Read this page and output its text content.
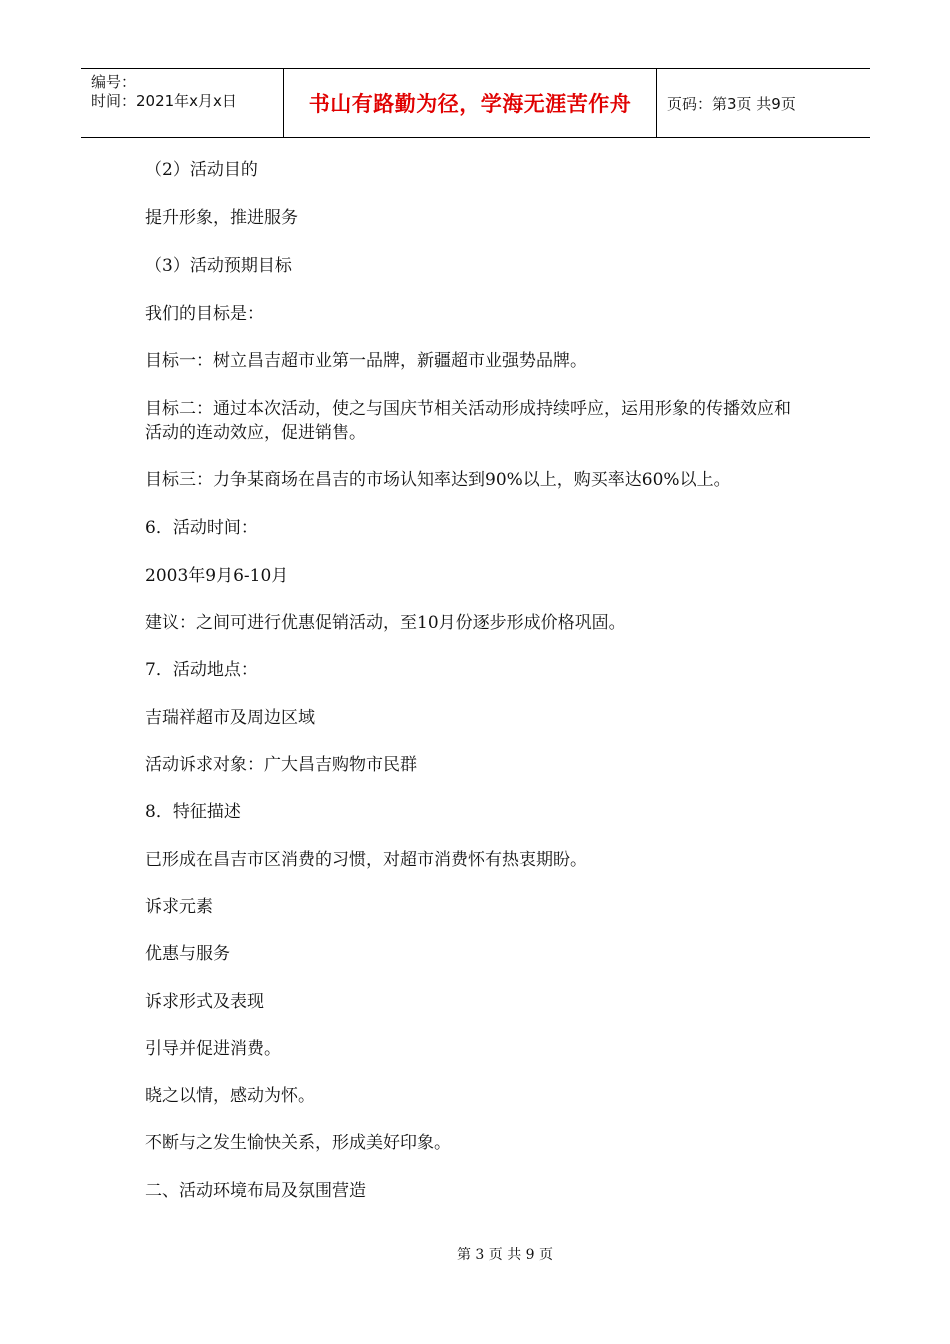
编号：
时间：2021年x月x日	书山有路勤为径，学海无涯苦作舟 页码：第3页 共9页
（2）活动目的
提升形象，推进服务
（3）活动预期目标
我们的目标是：
目标一：树立昌吉超市业第一品牌，新疆超市业强势品牌。
目标二：通过本次活动，使之与国庆节相关活动形成持续呼应，运用形象的传播效应和活动的连动效应，促进销售。
目标三：力争某商场在昌吉的市场认知率达到90%以上，购买率达60%以上。
6．活动时间：
2003年9月6-10月
建议：之间可进行优惠促销活动，至10月份逐步形成价格巩固。
7．活动地点：
吉瑞祥超市及周边区域
活动诉求对象：广大昌吉购物市民群
8．特征描述
已形成在昌吉市区消费的习惯，对超市消费怀有热衷期盼。
诉求元素
优惠与服务
诉求形式及表现
引导并促进消费。
晓之以情，感动为怀。
不断与之发生愉快关系，形成美好印象。
二、活动环境布局及氛围营造
第 3 页 共 9 页
